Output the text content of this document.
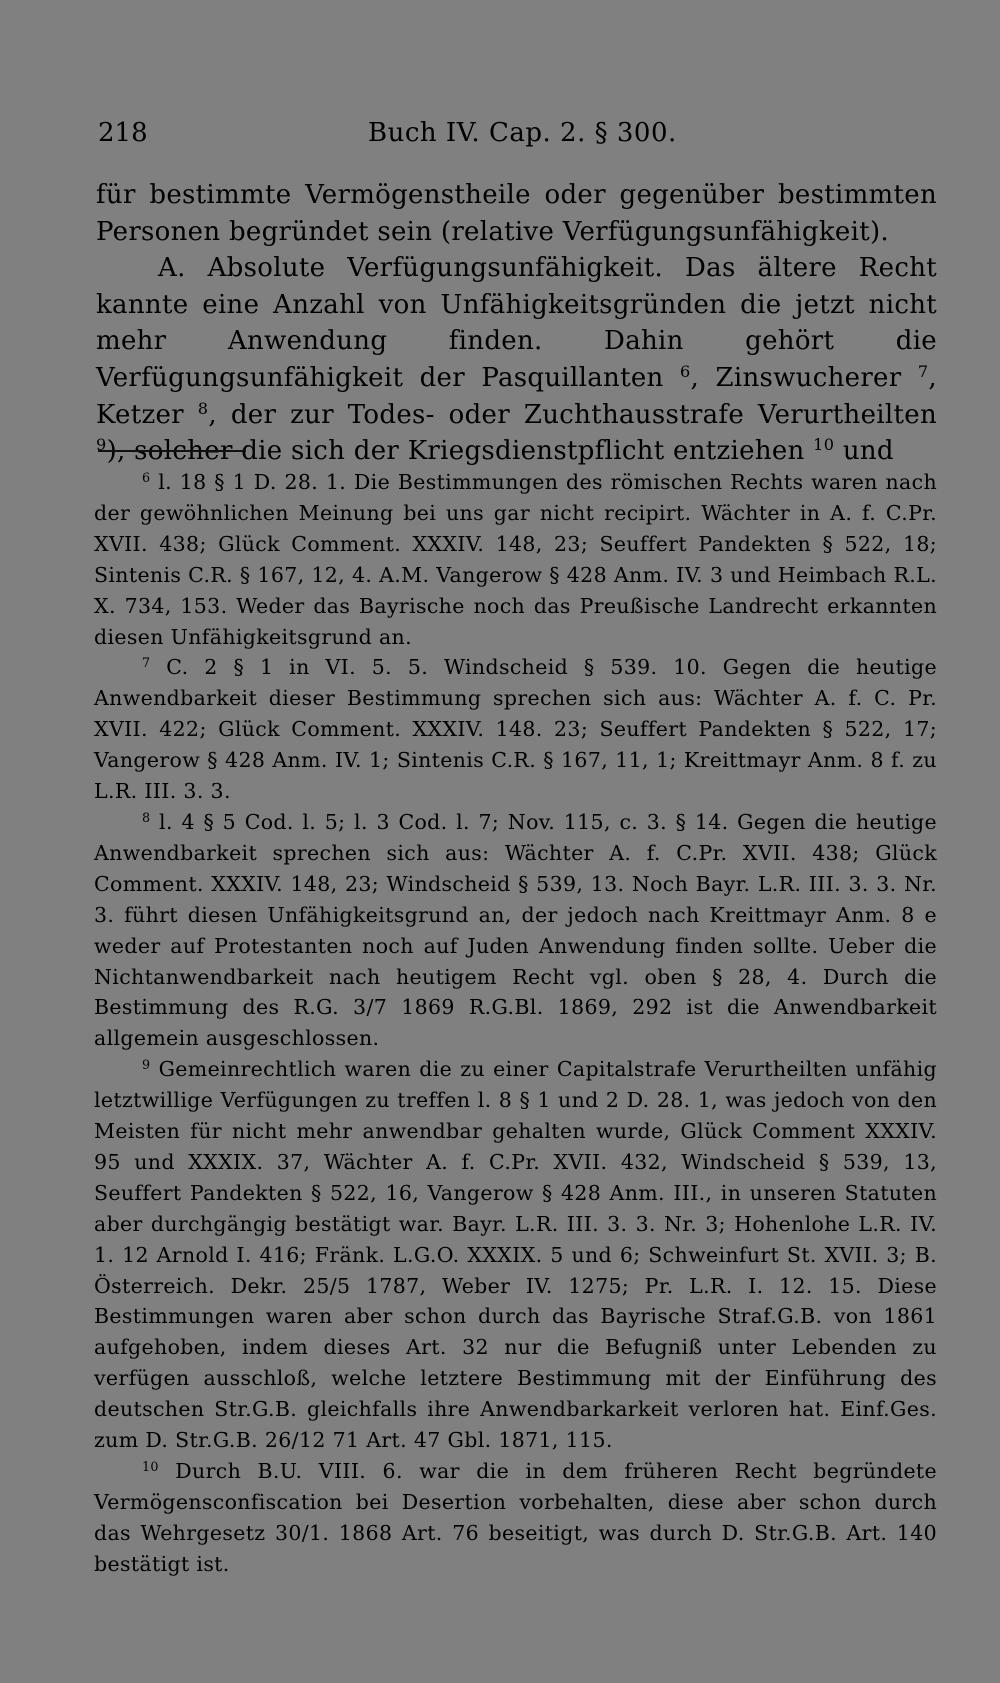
218	Buch IV. Cap. 2. § 300.

für bestimmte Vermögenstheile oder gegenüber bestimmten Personen begründet sein (relative Verfügungsunfähigkeit).

A. Absolute Verfügungsunfähigkeit. Das ältere Recht kannte eine Anzahl von Unfähigkeitsgründen die jetzt nicht mehr Anwendung finden. Dahin gehört die Verfügungsunfähigkeit der Pasquillanten $^6$, Zinswucherer $^7$, Ketzer $^8$, der zur Todes- oder Zuchthausstrafe Verurtheilten $^9$), solcher die sich der Kriegsdienstpflicht entziehen $^{10}$ und

$^6$ l. 18 § 1 D. 28. 1. Die Bestimmungen des römischen Rechts waren nach der gewöhnlichen Meinung bei uns gar nicht recipirt. Wächter in A. f. C.Pr. XVII. 438; Glück Comment. XXXIV. 148, 23; Seuffert Pandekten § 522, 18; Sintenis C.R. § 167, 12, 4. A.M. Vangerow § 428 Anm. IV. 3 und Heimbach R.L. X. 734, 153. Weder das Bayrische noch das Preußische Landrecht erkannten diesen Unfähigkeitsgrund an.

$^7$ C. 2 § 1 in VI. 5. 5. Windscheid § 539. 10. Gegen die heutige Anwendbarkeit dieser Bestimmung sprechen sich aus: Wächter A. f. C. Pr. XVII. 422; Glück Comment. XXXIV. 148. 23; Seuffert Pandekten § 522, 17; Vangerow § 428 Anm. IV. 1; Sintenis C.R. § 167, 11, 1; Kreittmayr Anm. 8 f. zu L.R. III. 3. 3.

$^8$ l. 4 § 5 Cod. l. 5; l. 3 Cod. l. 7; Nov. 115, c. 3. § 14. Gegen die heutige Anwendbarkeit sprechen sich aus: Wächter A. f. C.Pr. XVII. 438; Glück Comment. XXXIV. 148, 23; Windscheid § 539, 13. Noch Bayr. L.R. III. 3. 3. Nr. 3. führt diesen Unfähigkeitsgrund an, der jedoch nach Kreittmayr Anm. 8 e weder auf Protestanten noch auf Juden Anwendung finden sollte. Ueber die Nichtanwendbarkeit nach heutigem Recht vgl. oben § 28, 4. Durch die Bestimmung des R.G. 3/7 1869 R.G.Bl. 1869, 292 ist die Anwendbarkeit allgemein ausgeschlossen.

$^9$ Gemeinrechtlich waren die zu einer Capitalstrafe Verurtheilten unfähig letztwillige Verfügungen zu treffen l. 8 § 1 und 2 D. 28. 1, was jedoch von den Meisten für nicht mehr anwendbar gehalten wurde, Glück Comment XXXIV. 95 und XXXIX. 37, Wächter A. f. C.Pr. XVII. 432, Windscheid § 539, 13, Seuffert Pandekten § 522, 16, Vangerow § 428 Anm. III., in unseren Statuten aber durchgängig bestätigt war. Bayr. L.R. III. 3. 3. Nr. 3; Hohenlohe L.R. IV. 1. 12 Arnold I. 416; Fränk. L.G.O. XXXIX. 5 und 6; Schweinfurt St. XVII. 3; B. Österreich. Dekr. 25/5 1787, Weber IV. 1275; Pr. L.R. I. 12. 15. Diese Bestimmungen waren aber schon durch das Bayrische Straf.G.B. von 1861 aufgehoben, indem dieses Art. 32 nur die Befugniß unter Lebenden zu verfügen ausschloß, welche letztere Bestimmung mit der Einführung des deutschen Str.G.B. gleichfalls ihre Anwendbarkarkeit verloren hat. Einf.Ges. zum D. Str.G.B. 26/12 71 Art. 47 Gbl. 1871, 115.

$^{10}$ Durch B.U. VIII. 6. war die in dem früheren Recht begründete Vermögensconfiscation bei Desertion vorbehalten, diese aber schon durch das Wehrgesetz 30/1. 1868 Art. 76 beseitigt, was durch D. Str.G.B. Art. 140 bestätigt ist.
